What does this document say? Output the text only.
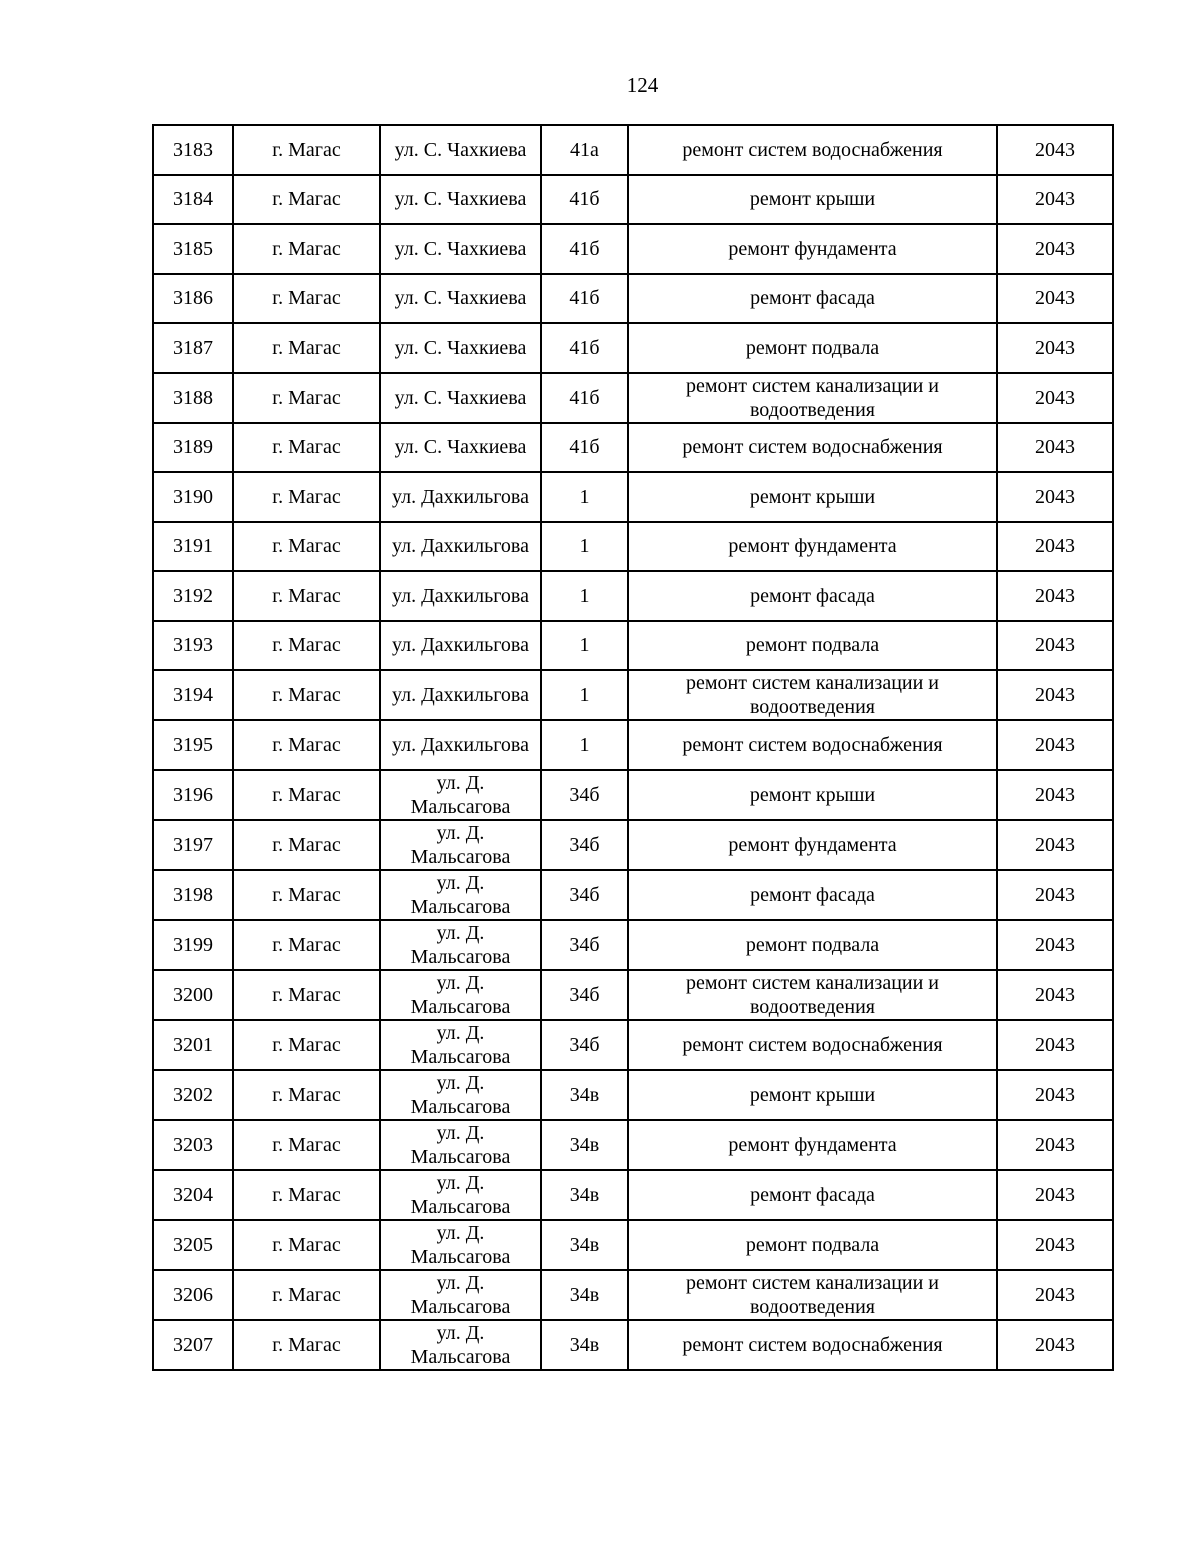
124
3183	г. Магас	ул. С. Чахкиева	41а	ремонт систем водоснабжения	2043
3184	г. Магас	ул. С. Чахкиева	41б	ремонт крыши	2043
3185	г. Магас	ул. С. Чахкиева	41б	ремонт фундамента	2043
3186	г. Магас	ул. С. Чахкиева	41б	ремонт фасада	2043
3187	г. Магас	ул. С. Чахкиева	41б	ремонт подвала	2043
3188	г. Магас	ул. С. Чахкиева	41б	ремонт систем канализации и водоотведения	2043
3189	г. Магас	ул. С. Чахкиева	41б	ремонт систем водоснабжения	2043
3190	г. Магас	ул. Дахкильгова	1	ремонт крыши	2043
3191	г. Магас	ул. Дахкильгова	1	ремонт фундамента	2043
3192	г. Магас	ул. Дахкильгова	1	ремонт фасада	2043
3193	г. Магас	ул. Дахкильгова	1	ремонт подвала	2043
3194	г. Магас	ул. Дахкильгова	1	ремонт систем канализации и водоотведения	2043
3195	г. Магас	ул. Дахкильгова	1	ремонт систем водоснабжения	2043
3196	г. Магас	ул. Д. Мальсагова	34б	ремонт крыши	2043
3197	г. Магас	ул. Д. Мальсагова	34б	ремонт фундамента	2043
3198	г. Магас	ул. Д. Мальсагова	34б	ремонт фасада	2043
3199	г. Магас	ул. Д. Мальсагова	34б	ремонт подвала	2043
3200	г. Магас	ул. Д. Мальсагова	34б	ремонт систем канализации и водоотведения	2043
3201	г. Магас	ул. Д. Мальсагова	34б	ремонт систем водоснабжения	2043
3202	г. Магас	ул. Д. Мальсагова	34в	ремонт крыши	2043
3203	г. Магас	ул. Д. Мальсагова	34в	ремонт фундамента	2043
3204	г. Магас	ул. Д. Мальсагова	34в	ремонт фасада	2043
3205	г. Магас	ул. Д. Мальсагова	34в	ремонт подвала	2043
3206	г. Магас	ул. Д. Мальсагова	34в	ремонт систем канализации и водоотведения	2043
3207	г. Магас	ул. Д. Мальсагова	34в	ремонт систем водоснабжения	2043
